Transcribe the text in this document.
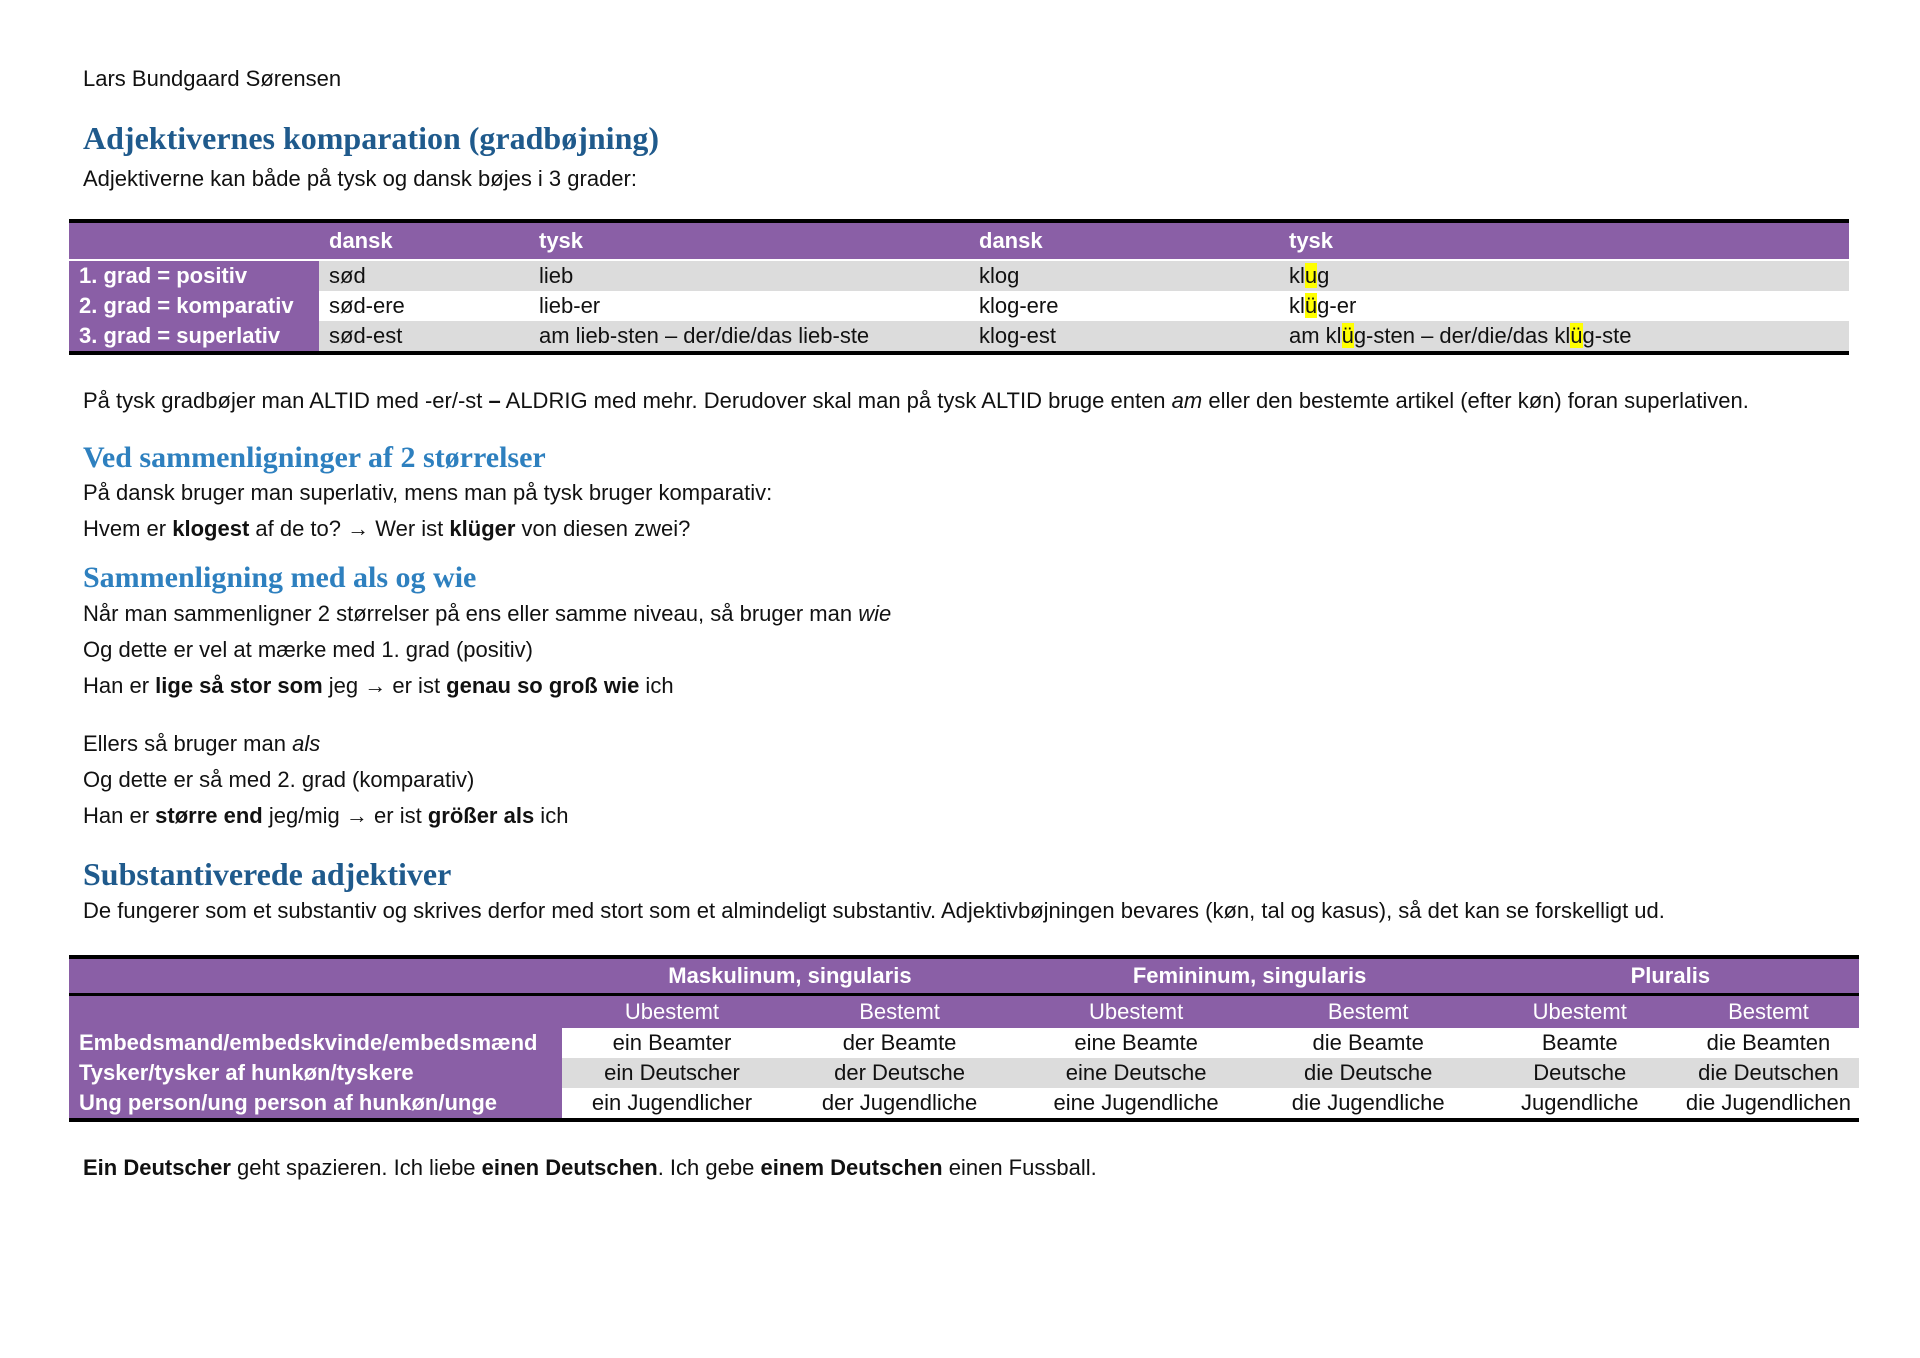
Lars Bundgaard Sørensen
Adjektivernes komparation (gradbøjning)

Adjektiverne kan både på tysk og dansk bøjes i 3 grader:

	dansk	tysk	dansk	tysk
1. grad = positiv	sød	lieb	klog	klug
2. grad = komparativ	sød-ere	lieb-er	klog-ere	klüg-er
3. grad = superlativ	sød-est	am lieb-sten – der/die/das lieb-ste	klog-est	am klüg-sten – der/die/das klüg-ste

På tysk gradbøjer man ALTID med -er/-st – ALDRIG med mehr. Derudover skal man på tysk ALTID bruge enten am eller den bestemte artikel (efter køn) foran superlativen.

Ved sammenligninger af 2 størrelser

På dansk bruger man superlativ, mens man på tysk bruger komparativ:

Hvem er klogest af de to? → Wer ist klüger von diesen zwei?

Sammenligning med als og wie

Når man sammenligner 2 størrelser på ens eller samme niveau, så bruger man wie

Og dette er vel at mærke med 1. grad (positiv)

Han er lige så stor som jeg → er ist genau so groß wie ich

Ellers så bruger man als

Og dette er så med 2. grad (komparativ)

Han er større end jeg/mig → er ist größer als ich

Substantiverede adjektiver

De fungerer som et substantiv og skrives derfor med stort som et almindeligt substantiv. Adjektivbøjningen bevares (køn, tal og kasus), så det kan se forskelligt ud.

	Maskulinum, singularis		Femininum, singularis		Pluralis	
	Ubestemt	Bestemt	Ubestemt	Bestemt	Ubestemt	Bestemt
Embedsmand/embedskvinde/embedsmænd	ein Beamter	der Beamte	eine Beamte	die Beamte	Beamte	die Beamten
Tysker/tysker af hunkøn/tyskere	ein Deutscher	der Deutsche	eine Deutsche	die Deutsche	Deutsche	die Deutschen
Ung person/ung person af hunkøn/unge	ein Jugendlicher	der Jugendliche	eine Jugendliche	die Jugendliche	Jugendliche	die Jugendlichen

Ein Deutscher geht spazieren. Ich liebe einen Deutschen. Ich gebe einem Deutschen einen Fussball.
